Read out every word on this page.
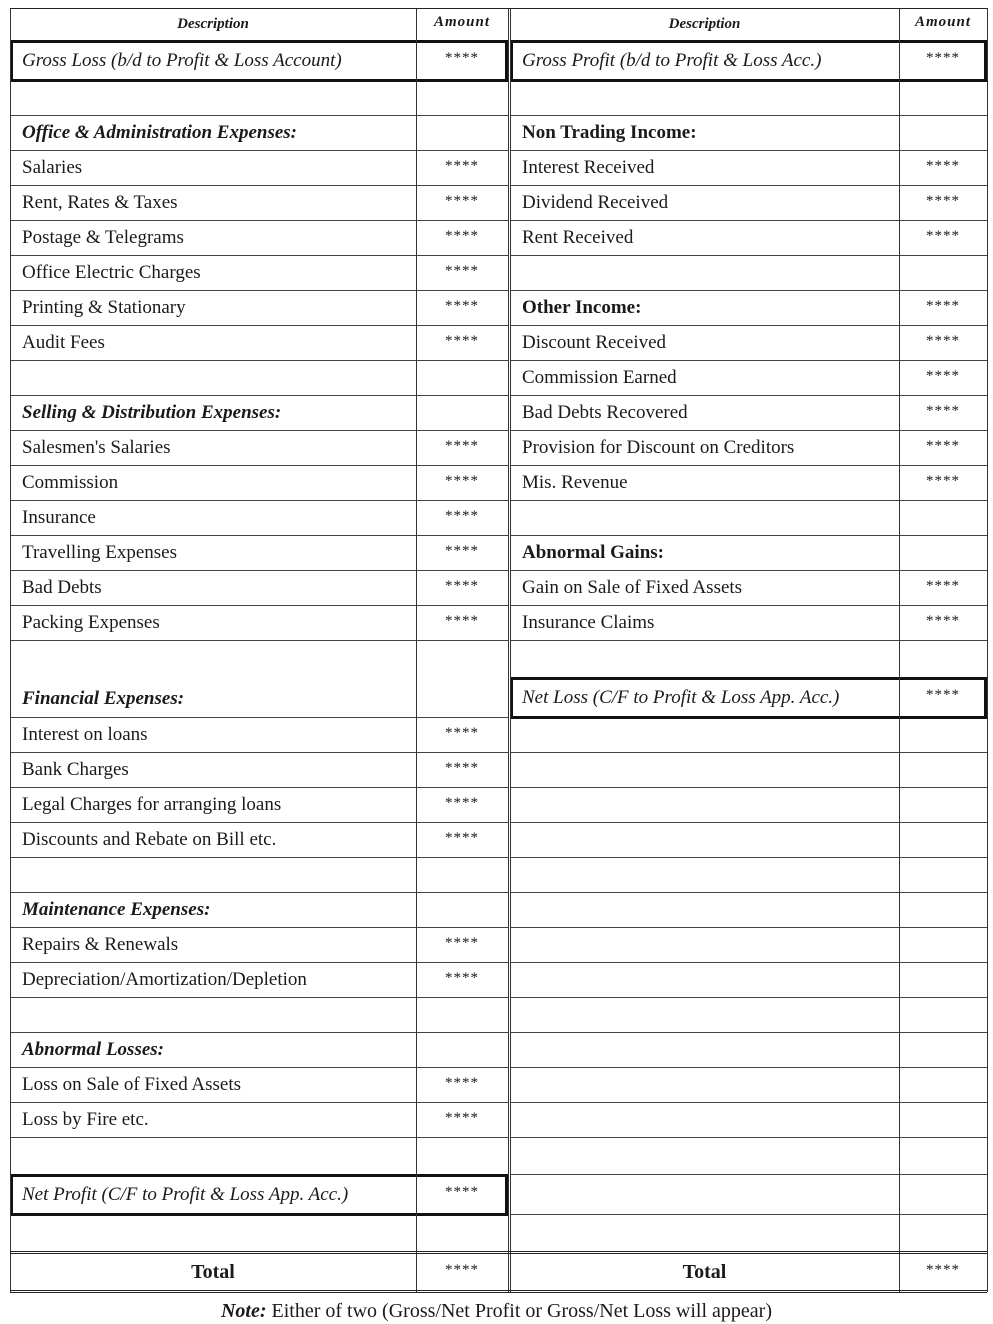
Description	Amount
Gross Loss (b/d to Profit & Loss Account)	****
Office & Administration Expenses:
Salaries	****
Rent, Rates & Taxes	****
Postage & Telegrams	****
Office Electric Charges	****
Printing & Stationary	****
Audit Fees	****
Selling & Distribution Expenses:
Salesmen's Salaries	****
Commission	****
Insurance	****
Travelling Expenses	****
Bad Debts	****
Packing Expenses	****
Financial Expenses:
Interest on loans	****
Bank Charges	****
Legal Charges for arranging loans	****
Discounts and Rebate on Bill etc.	****
Maintenance Expenses:
Repairs & Renewals	****
Depreciation/Amortization/Depletion	****
Abnormal Losses:
Loss on Sale of Fixed Assets	****
Loss by Fire etc.	****
Net Profit (C/F to Profit & Loss App. Acc.)	****
Total	****
Description	Amount
Gross Profit (b/d to Profit & Loss Acc.)	****
Non Trading Income:
Interest Received	****
Dividend Received	****
Rent Received	****
Other Income:	****
Discount Received	****
Commission Earned	****
Bad Debts Recovered	****
Provision for Discount on Creditors	****
Mis. Revenue	****
Abnormal Gains:
Gain on Sale of Fixed Assets	****
Insurance Claims	****
Net Loss (C/F to Profit & Loss App. Acc.)	****
Total	****
Note: Either of two (Gross/Net Profit or Gross/Net Loss will appear)
